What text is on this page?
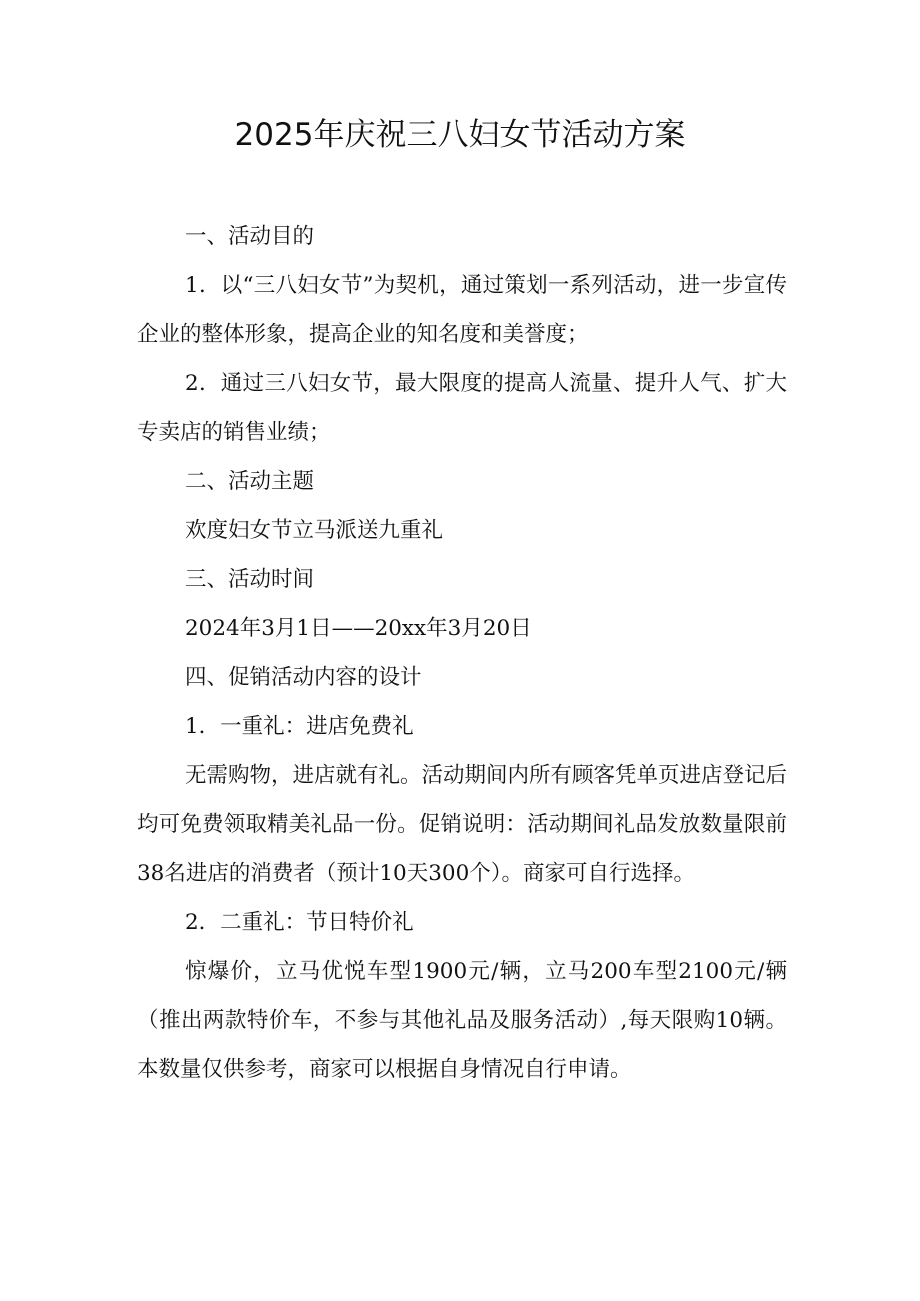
2025年庆祝三八妇女节活动方案

一、活动目的

1．以“三八妇女节”为契机，通过策划一系列活动，进一步宣传企业的整体形象，提高企业的知名度和美誉度；

2．通过三八妇女节，最大限度的提高人流量、提升人气、扩大专卖店的销售业绩；

二、活动主题

欢度妇女节立马派送九重礼

三、活动时间

2024年3月1日——20xx年3月20日

四、促销活动内容的设计

1．一重礼：进店免费礼

无需购物，进店就有礼。活动期间内所有顾客凭单页进店登记后均可免费领取精美礼品一份。促销说明：活动期间礼品发放数量限前38名进店的消费者（预计10天300个）。商家可自行选择。

2．二重礼：节日特价礼

惊爆价，立马优悦车型1900元/辆，立马200车型2100元/辆（推出两款特价车，不参与其他礼品及服务活动）,每天限购10辆。本数量仅供参考，商家可以根据自身情况自行申请。
